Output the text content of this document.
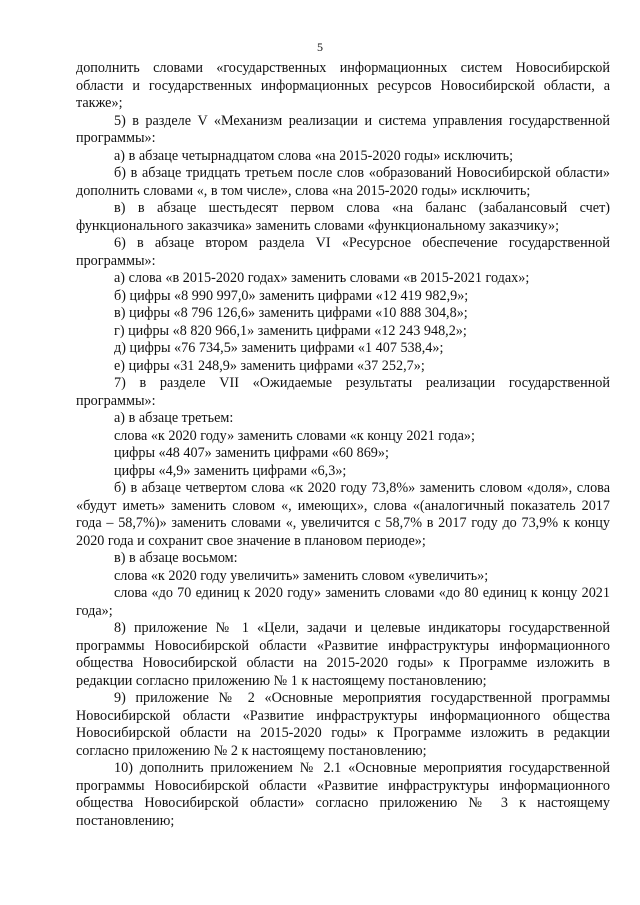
5

дополнить словами «государственных информационных систем Новосибирской области и государственных информационных ресурсов Новосибирской области, а также»;

5) в разделе V «Механизм реализации и система управления государственной программы»:

а) в абзаце четырнадцатом слова «на 2015-2020 годы» исключить;

б) в абзаце тридцать третьем после слов «образований Новосибирской области» дополнить словами «, в том числе», слова «на 2015-2020 годы» исключить;

в) в абзаце шестьдесят первом слова «на баланс (забалансовый счет) функционального заказчика» заменить словами «функциональному заказчику»;

6) в абзаце втором раздела VI «Ресурсное обеспечение государственной программы»:

а) слова «в 2015-2020 годах» заменить словами «в 2015-2021 годах»;

б) цифры «8 990 997,0» заменить цифрами «12 419 982,9»;

в) цифры «8 796 126,6» заменить цифрами «10 888 304,8»;

г) цифры «8 820 966,1» заменить цифрами «12 243 948,2»;

д) цифры «76 734,5» заменить цифрами «1 407 538,4»;

е) цифры «31 248,9» заменить цифрами «37 252,7»;

7) в разделе VII «Ожидаемые результаты реализации государственной программы»:

а) в абзаце третьем:

слова «к 2020 году» заменить словами «к концу 2021 года»;

цифры «48 407» заменить цифрами «60 869»;

цифры «4,9» заменить цифрами «6,3»;

б) в абзаце четвертом слова «к 2020 году 73,8%» заменить словом «доля», слова «будут иметь» заменить словом «, имеющих», слова «(аналогичный показатель 2017 года – 58,7%)» заменить словами «, увеличится с 58,7% в 2017 году до 73,9% к концу 2020 года и сохранит свое значение в плановом периоде»;

в) в абзаце восьмом:

слова «к 2020 году увеличить» заменить словом «увеличить»;

слова «до 70 единиц к 2020 году» заменить словами «до 80 единиц к концу 2021 года»;

8) приложение № 1 «Цели, задачи и целевые индикаторы государственной программы Новосибирской области «Развитие инфраструктуры информационного общества Новосибирской области на 2015-2020 годы» к Программе изложить в редакции согласно приложению № 1 к настоящему постановлению;

9) приложение № 2 «Основные мероприятия государственной программы Новосибирской области «Развитие инфраструктуры информационного общества Новосибирской области на 2015-2020 годы» к Программе изложить в редакции согласно приложению № 2 к настоящему постановлению;

10) дополнить приложением № 2.1 «Основные мероприятия государственной программы Новосибирской области «Развитие инфраструктуры информационного общества Новосибирской области» согласно приложению № 3 к настоящему постановлению;
